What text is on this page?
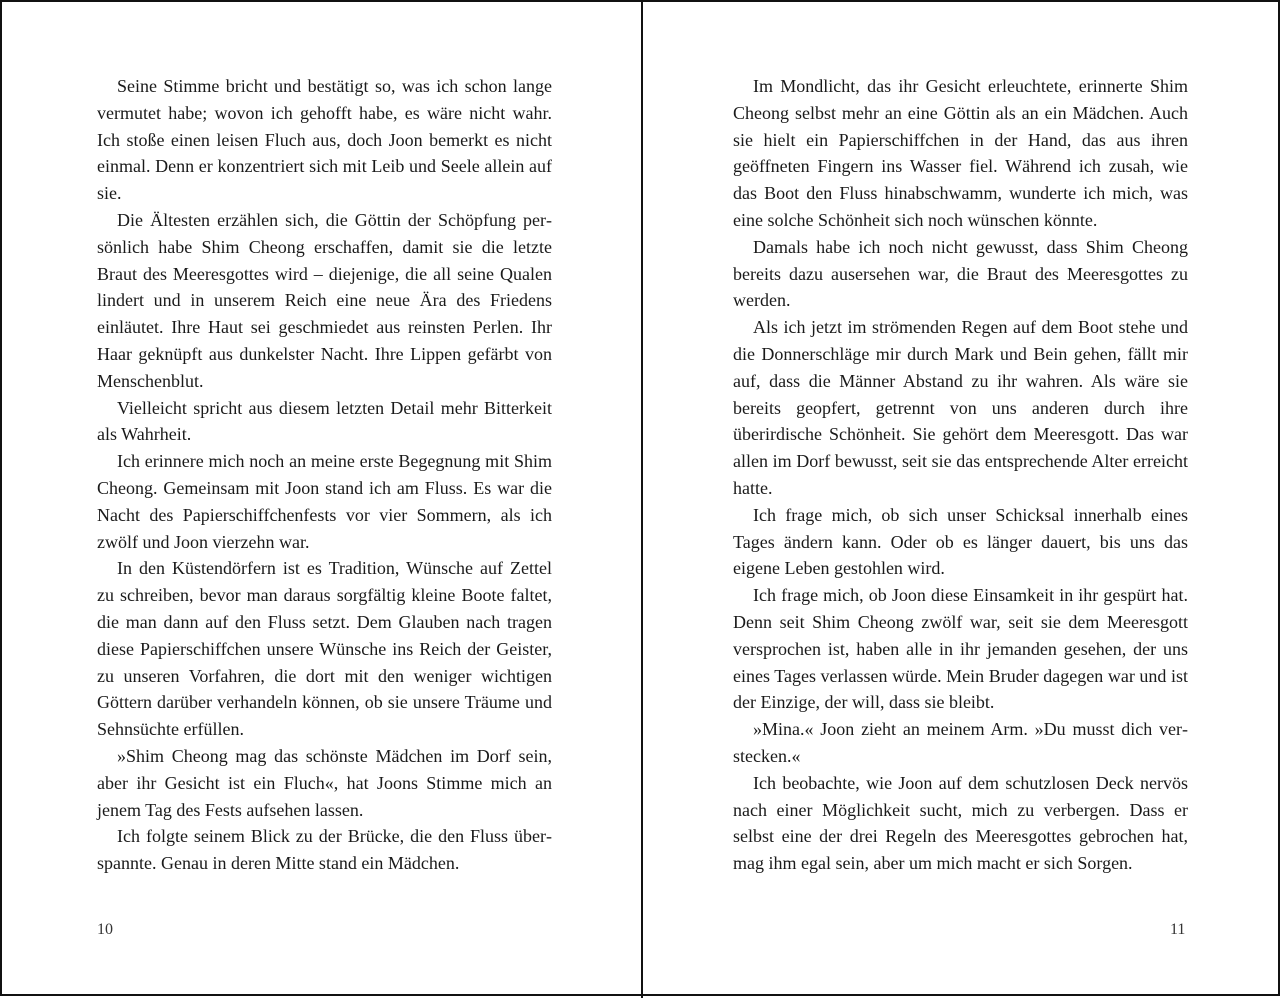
Seine Stimme bricht und bestätigt so, was ich schon lange vermutet habe; wovon ich gehofft habe, es wäre nicht wahr. Ich stoße einen leisen Fluch aus, doch Joon bemerkt es nicht einmal. Denn er konzentriert sich mit Leib und Seele allein auf sie.

Die Ältesten erzählen sich, die Göttin der Schöpfung persönlich habe Shim Cheong erschaffen, damit sie die letzte Braut des Meeresgottes wird – diejenige, die all seine Qualen lindert und in unserem Reich eine neue Ära des Friedens einläutet. Ihre Haut sei geschmiedet aus reinsten Perlen. Ihr Haar geknüpft aus dunkelster Nacht. Ihre Lippen gefärbt von Menschenblut.

Vielleicht spricht aus diesem letzten Detail mehr Bitterkeit als Wahrheit.

Ich erinnere mich noch an meine erste Begegnung mit Shim Cheong. Gemeinsam mit Joon stand ich am Fluss. Es war die Nacht des Papierschiffchenfests vor vier Sommern, als ich zwölf und Joon vierzehn war.

In den Küstendörfern ist es Tradition, Wünsche auf Zettel zu schreiben, bevor man daraus sorgfältig kleine Boote faltet, die man dann auf den Fluss setzt. Dem Glauben nach tragen diese Papierschiffchen unsere Wünsche ins Reich der Geister, zu unseren Vorfahren, die dort mit den weniger wichtigen Göttern darüber verhandeln können, ob sie unsere Träume und Sehnsüchte erfüllen.

»Shim Cheong mag das schönste Mädchen im Dorf sein, aber ihr Gesicht ist ein Fluch«, hat Joons Stimme mich an jenem Tag des Fests aufsehen lassen.

Ich folgte seinem Blick zu der Brücke, die den Fluss überspannte. Genau in deren Mitte stand ein Mädchen.

10

Im Mondlicht, das ihr Gesicht erleuchtete, erinnerte Shim Cheong selbst mehr an eine Göttin als an ein Mädchen. Auch sie hielt ein Papierschiffchen in der Hand, das aus ihren geöffneten Fingern ins Wasser fiel. Während ich zusah, wie das Boot den Fluss hinabschwamm, wunderte ich mich, was eine solche Schönheit sich noch wünschen könnte.

Damals habe ich noch nicht gewusst, dass Shim Cheong bereits dazu ausersehen war, die Braut des Meeresgottes zu werden.

Als ich jetzt im strömenden Regen auf dem Boot stehe und die Donnerschläge mir durch Mark und Bein gehen, fällt mir auf, dass die Männer Abstand zu ihr wahren. Als wäre sie bereits geopfert, getrennt von uns anderen durch ihre überirdische Schönheit. Sie gehört dem Meeresgott. Das war allen im Dorf bewusst, seit sie das entsprechende Alter erreicht hatte.

Ich frage mich, ob sich unser Schicksal innerhalb eines Tages ändern kann. Oder ob es länger dauert, bis uns das eigene Leben gestohlen wird.

Ich frage mich, ob Joon diese Einsamkeit in ihr gespürt hat. Denn seit Shim Cheong zwölf war, seit sie dem Meeresgott versprochen ist, haben alle in ihr jemanden gesehen, der uns eines Tages verlassen würde. Mein Bruder dagegen war und ist der Einzige, der will, dass sie bleibt.

»Mina.« Joon zieht an meinem Arm. »Du musst dich verstecken.«

Ich beobachte, wie Joon auf dem schutzlosen Deck nervös nach einer Möglichkeit sucht, mich zu verbergen. Dass er selbst eine der drei Regeln des Meeresgottes gebrochen hat, mag ihm egal sein, aber um mich macht er sich Sorgen.

11
